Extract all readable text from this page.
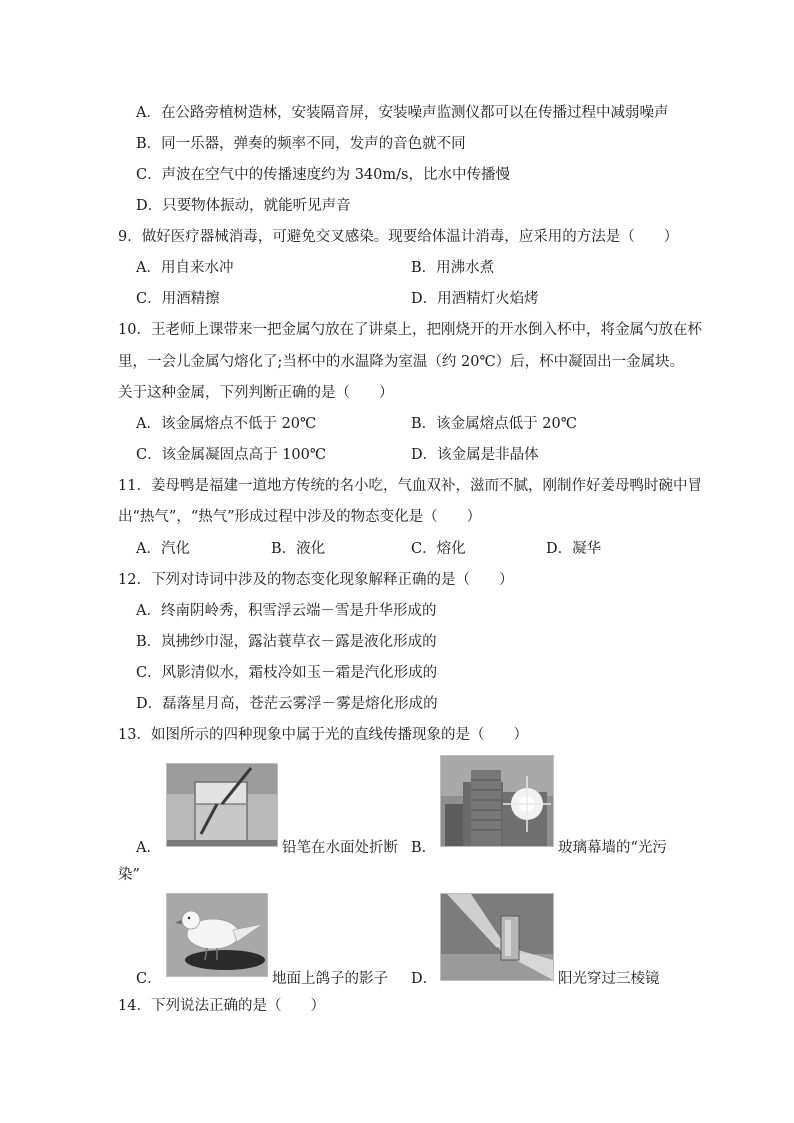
A．在公路旁植树造林，安装隔音屏，安装噪声监测仪都可以在传播过程中减弱噪声
B．同一乐器，弹奏的频率不同，发声的音色就不同
C．声波在空气中的传播速度约为 340m/s，比水中传播慢
D．只要物体振动，就能听见声音
9．做好医疗器械消毒，可避免交叉感染。现要给体温计消毒，应采用的方法是（　　）
A．用自来水冲	B．用沸水煮
C．用酒精擦	D．用酒精灯火焰烤
10．王老师上课带来一把金属勺放在了讲桌上，把刚烧开的开水倒入杯中，将金属勺放在杯
里，一会儿金属勺熔化了;当杯中的水温降为室温（约 20℃）后，杯中凝固出一金属块。
关于这种金属，下列判断正确的是（　　）
A．该金属熔点不低于 20℃	B．该金属熔点低于 20℃
C．该金属凝固点高于 100℃	D．该金属是非晶体
11．姜母鸭是福建一道地方传统的名小吃，气血双补，滋而不腻，刚制作好姜母鸭时碗中冒
出“热气”，“热气”形成过程中涉及的物态变化是（　　）
A．汽化	B．液化	C．熔化	D．凝华
12．下列对诗词中涉及的物态变化现象解释正确的是（　　）
A．终南阴岭秀，积雪浮云端－雪是升华形成的
B．岚拂纱巾湿，露沾蓑草衣－露是液化形成的
C．风影清似水，霜枝冷如玉－霜是汽化形成的
D．磊落星月高，苍茫云雾浮－雾是熔化形成的
13．如图所示的四种现象中属于光的直线传播现象的是（　　）
A．	铅笔在水面处折断 B．	玻璃幕墙的“光污
染”
C．	地面上鸽子的影子 D．	阳光穿过三棱镜
14．下列说法正确的是（　　）
